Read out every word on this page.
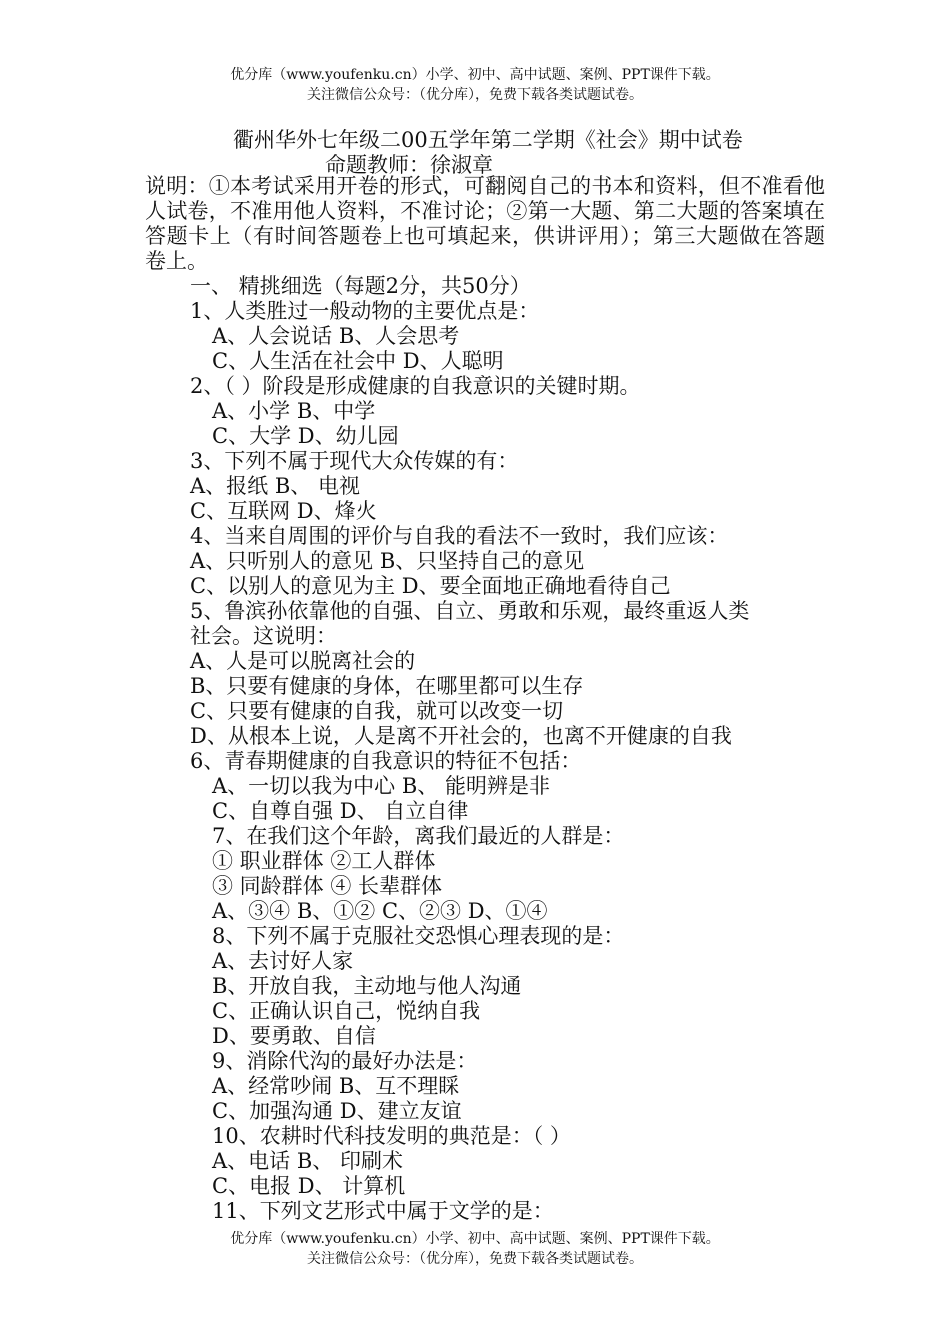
优分库（www.youfenku.cn）小学、初中、高中试题、案例、PPT课件下载。
关注微信公众号：（优分库），免费下载各类试题试卷。
衢州华外七年级二00五学年第二学期《社会》期中试卷
命题教师：徐淑章
说明：①本考试采用开卷的形式，可翻阅自己的书本和资料，但不准看他人试卷，不准用他人资料，不准讨论；②第一大题、第二大题的答案填在答题卡上（有时间答题卷上也可填起来，供讲评用）；第三大题做在答题卷上。
一、 精挑细选（每题2分，共50分）
1、人类胜过一般动物的主要优点是：
A、人会说话 B、人会思考
C、人生活在社会中 D、人聪明
2、（ ）阶段是形成健康的自我意识的关键时期。
A、小学 B、中学
C、大学 D、幼儿园
3、下列不属于现代大众传媒的有：
A、报纸 B、 电视
C、互联网 D、烽火
4、当来自周围的评价与自我的看法不一致时，我们应该：
A、只听别人的意见 B、只坚持自己的意见
C、以别人的意见为主 D、要全面地正确地看待自己
5、鲁滨孙依靠他的自强、自立、勇敢和乐观，最终重返人类
社会。这说明：
A、人是可以脱离社会的
B、只要有健康的身体，在哪里都可以生存
C、只要有健康的自我，就可以改变一切
D、从根本上说，人是离不开社会的，也离不开健康的自我
6、青春期健康的自我意识的特征不包括：
A、一切以我为中心 B、 能明辨是非
C、自尊自强 D、 自立自律
7、在我们这个年龄，离我们最近的人群是：
① 职业群体 ②工人群体
③ 同龄群体 ④ 长辈群体
A、③④ B、①② C、②③ D、①④
8、下列不属于克服社交恐惧心理表现的是：
A、去讨好人家
B、开放自我，主动地与他人沟通
C、正确认识自己，悦纳自我
D、要勇敢、自信
9、消除代沟的最好办法是：
A、经常吵闹 B、互不理睬
C、加强沟通 D、建立友谊
10、农耕时代科技发明的典范是：（ ）
A、电话 B、 印刷术
C、电报 D、 计算机
11、下列文艺形式中属于文学的是：
优分库（www.youfenku.cn）小学、初中、高中试题、案例、PPT课件下载。
关注微信公众号：（优分库），免费下载各类试题试卷。
